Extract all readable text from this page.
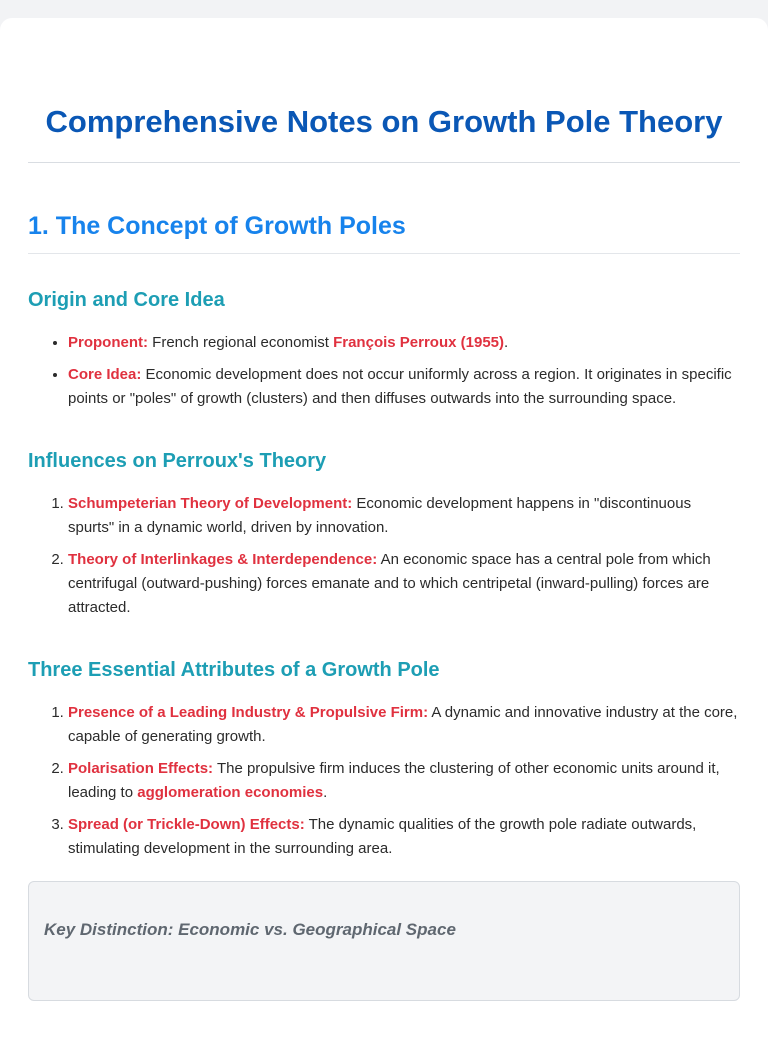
Comprehensive Notes on Growth Pole Theory
1. The Concept of Growth Poles
Origin and Core Idea
• Proponent: French regional economist François Perroux (1955).
• Core Idea: Economic development does not occur uniformly across a region. It originates in specific points or "poles" of growth (clusters) and then diffuses outwards into the surrounding space.
Influences on Perroux's Theory
1. Schumpeterian Theory of Development: Economic development happens in "discontinuous spurts" in a dynamic world, driven by innovation.
2. Theory of Interlinkages & Interdependence: An economic space has a central pole from which centrifugal (outward-pushing) forces emanate and to which centripetal (inward-pulling) forces are attracted.
Three Essential Attributes of a Growth Pole
1. Presence of a Leading Industry & Propulsive Firm: A dynamic and innovative industry at the core, capable of generating growth.
2. Polarisation Effects: The propulsive firm induces the clustering of other economic units around it, leading to agglomeration economies.
3. Spread (or Trickle-Down) Effects: The dynamic qualities of the growth pole radiate outwards, stimulating development in the surrounding area.
Key Distinction: Economic vs. Geographical Space
